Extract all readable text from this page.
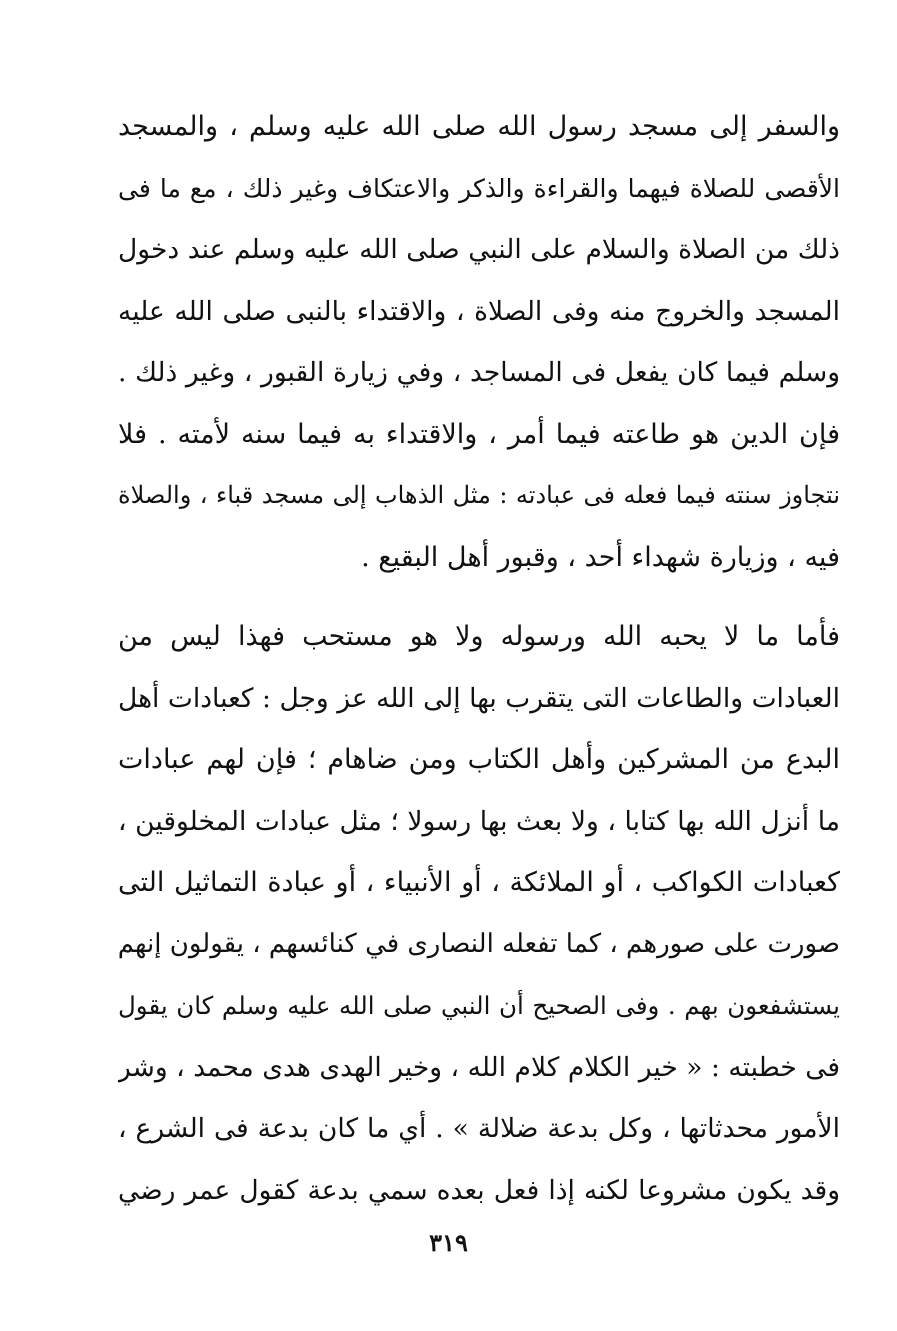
والسفر إلى مسجد رسول الله صلى الله عليه وسلم ، والمسجد
الأقصى للصلاة فيهما والقراءة والذكر والاعتكاف وغير ذلك ، مع ما فى
ذلك من الصلاة والسلام على النبي صلى الله عليه وسلم عند دخول
المسجد والخروج منه وفى الصلاة ، والاقتداء بالنبى صلى الله عليه
وسلم فيما كان يفعل فى المساجد ، وفي زيارة القبور ، وغير ذلك .
فإن الدين هو طاعته فيما أمر ، والاقتداء به فيما سنه لأمته . فلا
نتجاوز سنته فيما فعله فى عبادته : مثل الذهاب إلى مسجد قباء ، والصلاة
فيه ، وزيارة شهداء أحد ، وقبور أهل البقيع .
فأما ما لا يحبه الله ورسوله ولا هو مستحب فهذا ليس من
العبادات والطاعات التى يتقرب بها إلى الله عز وجل : كعبادات أهل
البدع من المشركين وأهل الكتاب ومن ضاهام ؛ فإن لهم عبادات
ما أنزل الله بها كتابا ، ولا بعث بها رسولا ؛ مثل عبادات المخلوقين ،
كعبادات الكواكب ، أو الملائكة ، أو الأنبياء ، أو عبادة التماثيل التى
صورت على صورهم ، كما تفعله النصارى في كنائسهم ، يقولون إنهم
يستشفعون بهم . وفى الصحيح أن النبي صلى الله عليه وسلم كان يقول
فى خطبته : « خير الكلام كلام الله ، وخير الهدى هدى محمد ، وشر
الأمور محدثاتها ، وكل بدعة ضلالة » . أي ما كان بدعة فى الشرع ،
وقد يكون مشروعا لكنه إذا فعل بعده سمي بدعة كقول عمر رضي
٣١٩
